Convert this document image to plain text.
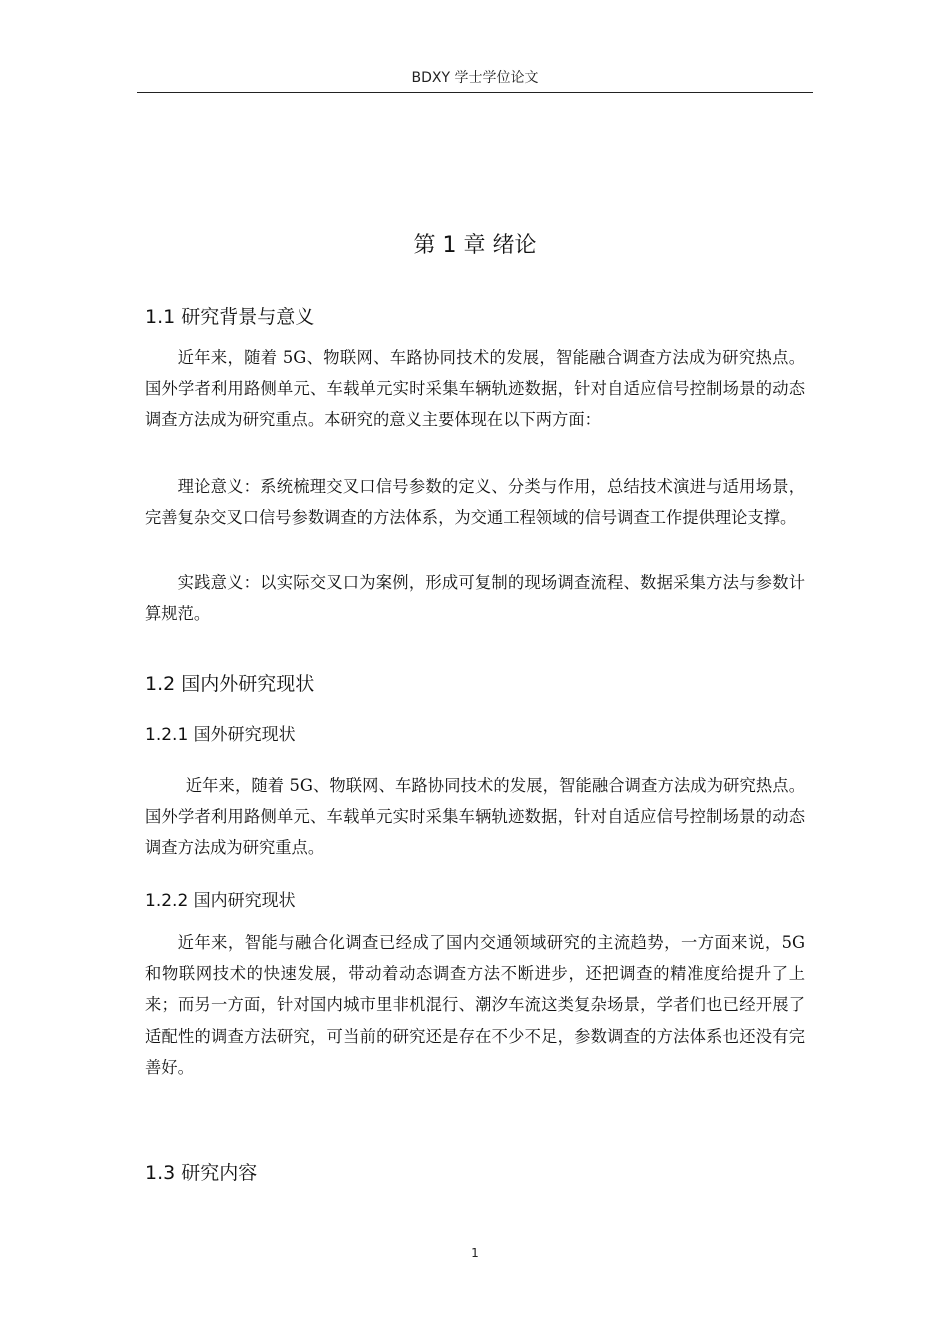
BDXY 学士学位论文
第 1 章 绪论
1.1 研究背景与意义

近年来，随着 5G、物联网、车路协同技术的发展，智能融合调查方法成为研究热点。国外学者利用路侧单元、车载单元实时采集车辆轨迹数据，针对自适应信号控制场景的动态调查方法成为研究重点。本研究的意义主要体现在以下两方面：

理论意义：系统梳理交叉口信号参数的定义、分类与作用，总结技术演进与适用场景，完善复杂交叉口信号参数调查的方法体系，为交通工程领域的信号调查工作提供理论支撑。

实践意义：以实际交叉口为案例，形成可复制的现场调查流程、数据采集方法与参数计算规范。

1.2 国内外研究现状
1.2.1 国外研究现状

近年来，随着 5G、物联网、车路协同技术的发展，智能融合调查方法成为研究热点。国外学者利用路侧单元、车载单元实时采集车辆轨迹数据，针对自适应信号控制场景的动态调查方法成为研究重点。

1.2.2 国内研究现状

近年来，智能与融合化调查已经成了国内交通领域研究的主流趋势，一方面来说，5G 和物联网技术的快速发展，带动着动态调查方法不断进步，还把调查的精准度给提升了上来；而另一方面，针对国内城市里非机混行、潮汐车流这类复杂场景，学者们也已经开展了适配性的调查方法研究，可当前的研究还是存在不少不足，参数调查的方法体系也还没有完善好。

1.3 研究内容
1
